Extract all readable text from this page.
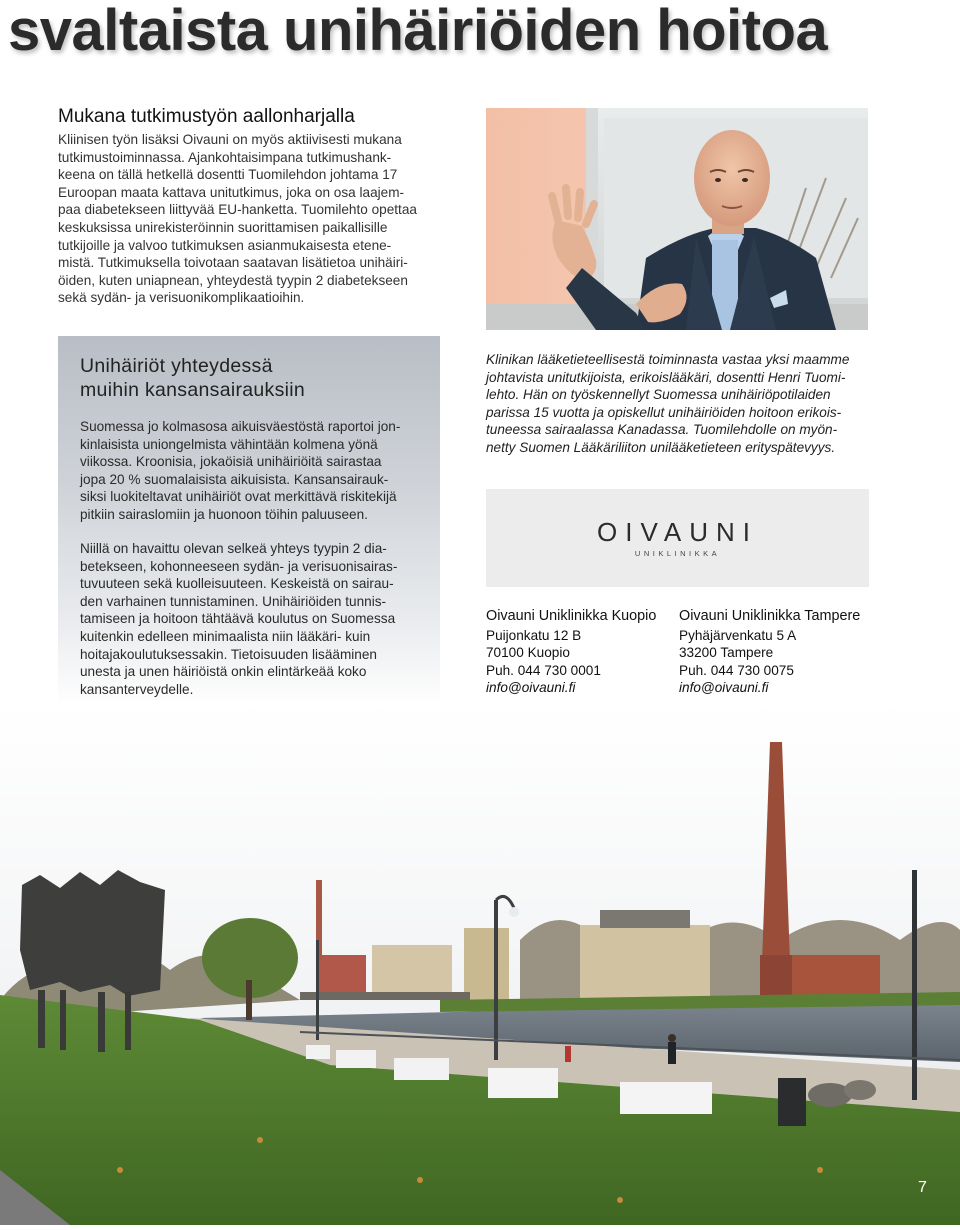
svaltaista unihäiriöiden hoitoa
Mukana tutkimustyön aallonharjalla

Kliinisen työn lisäksi Oivauni on myös aktiivisesti mukana
tutkimustoiminnassa. Ajankohtaisimpana tutkimushank-
keena on tällä hetkellä dosentti Tuomilehdon johtama 17
Euroopan maata kattava unitutkimus, joka on osa laajem-
paa diabetekseen liittyvää EU-hanketta. Tuomilehto opettaa
keskuksissa unirekisteröinnin suorittamisen paikallisille
tutkijoille ja valvoo tutkimuksen asianmukaisesta etene-
mistä. Tutkimuksella toivotaan saatavan lisätietoa unihäiri-
öiden, kuten uniapnean, yhteydestä tyypin 2 diabetekseen
sekä sydän- ja verisuonikomplikaatioihin.

Unihäiriöt yhteydessä
muihin kansansairauksiin

Suomessa jo kolmasosa aikuisväestöstä raportoi jon-
kinlaisista uniongelmista vähintään kolmena yönä
viikossa. Kroonisia, jokaöisiä unihäiriöitä sairastaa
jopa 20 % suomalaisista aikuisista. Kansansairauk-
siksi luokiteltavat unihäiriöt ovat merkittävä riskitekijä
pitkiin sairaslomiin ja huonoon töihin paluuseen.

Niillä on havaittu olevan selkeä yhteys tyypin 2 dia-
betekseen, kohonneeseen sydän- ja verisuonisairas-
tuvuuteen sekä kuolleisuuteen. Keskeistä on sairau-
den varhainen tunnistaminen. Unihäiriöiden tunnis-
tamiseen ja hoitoon tähtäävä koulutus on Suomessa
kuitenkin edelleen minimaalista niin lääkäri- kuin
hoitajakoulutuksessakin. Tietoisuuden lisääminen
unesta ja unen häiriöistä onkin elintärkeää koko
kansanterveydelle.

Klinikan lääketieteellisestä toiminnasta vastaa yksi maamme
johtavista unitutkijoista, erikoislääkäri, dosentti Henri Tuomi-
lehto. Hän on työskennellyt Suomessa unihäiriöpotilaiden
parissa 15 vuotta ja opiskellut unihäiriöiden hoitoon erikois-
tuneessa sairaalassa Kanadassa. Tuomilehdolle on myön-
netty Suomen Lääkäriliiton unilääketieteen erityspätevyys.

OIVAUNI
UNIKLINIKKA
Oivauni Uniklinikka Kuopio
Puijonkatu 12 B
70100 Kuopio
Puh. 044 730 0001
info@oivauni.fi
Oivauni Uniklinikka Tampere
Pyhäjärvenkatu 5 A
33200 Tampere
Puh. 044 730 0075
info@oivauni.fi
7
